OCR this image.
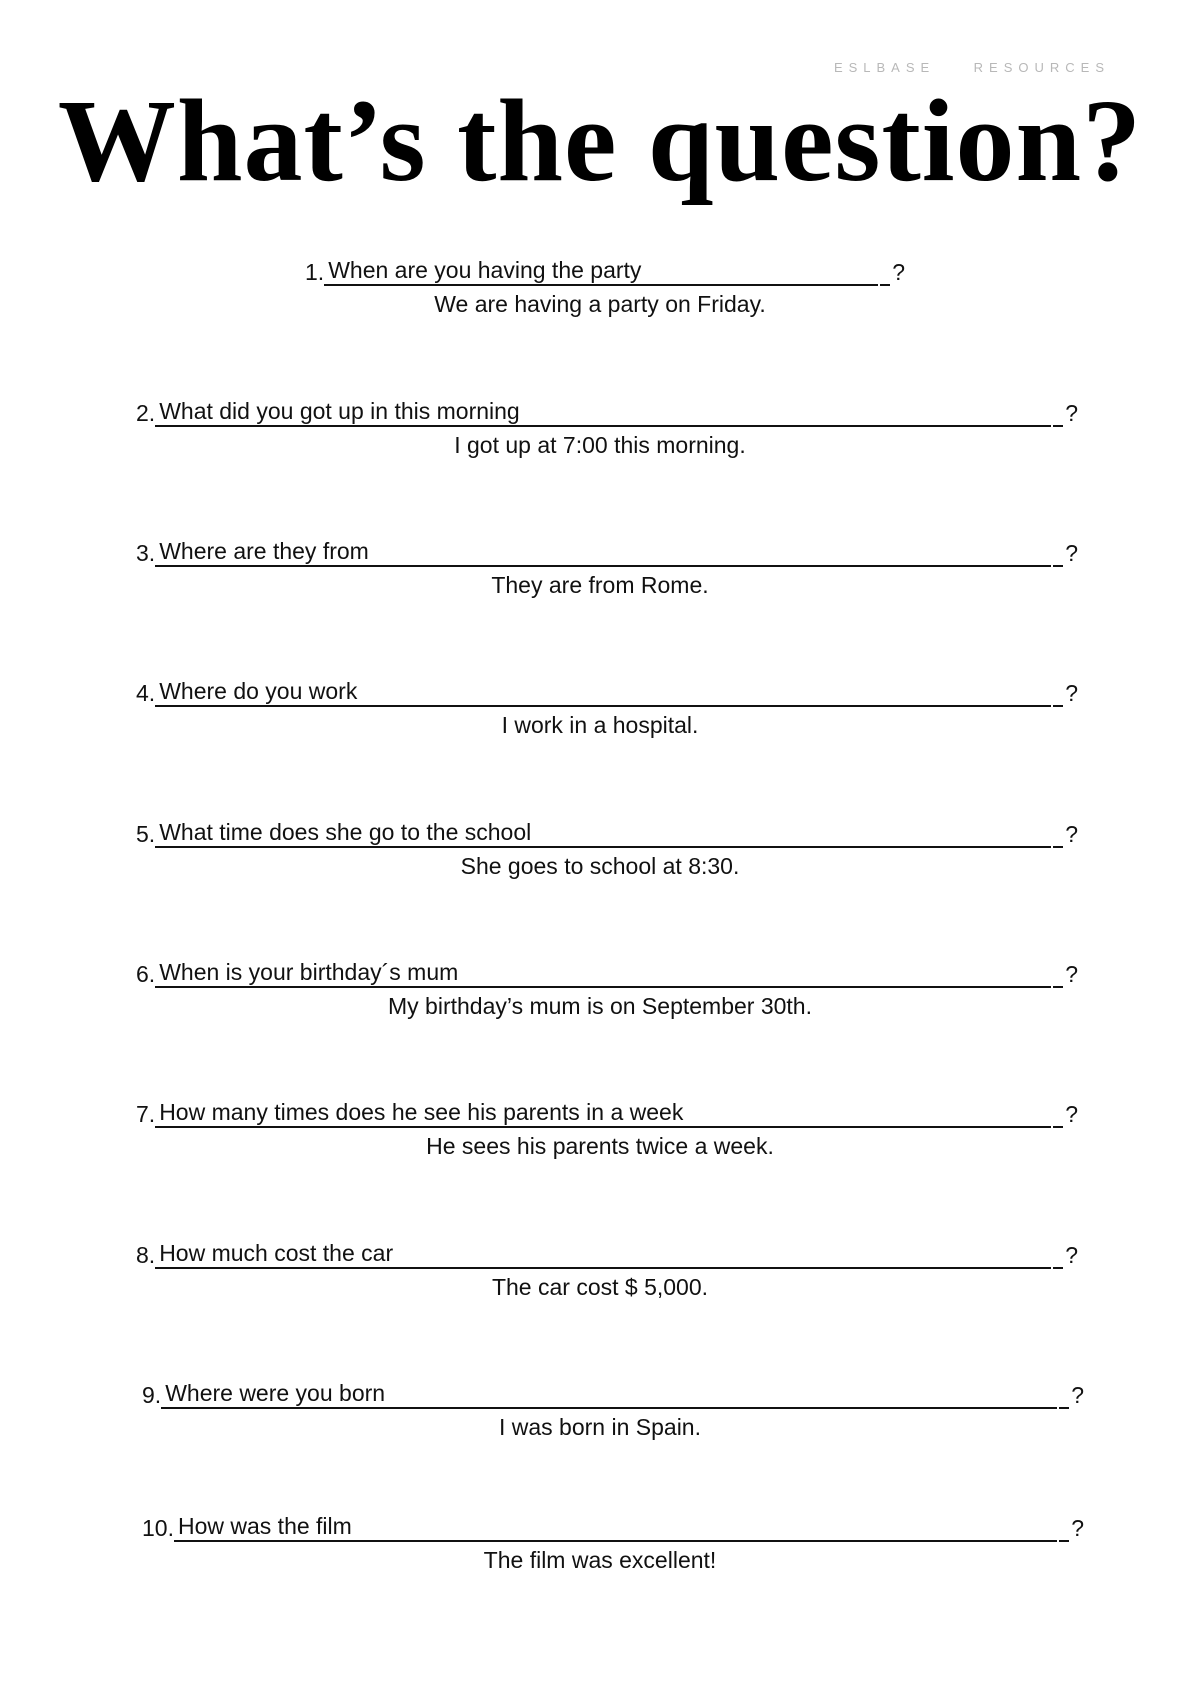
ESLBASE    RESOURCES
What’s the question?
1. When are you having the party	?
We are having a party on Friday.
2. What did you got up in this morning	?
I got up at 7:00 this morning.
3. Where are they from	?
They are from Rome.
4. Where do you work	?
I work in a hospital.
5. What time does she go to the school	?
She goes to school at 8:30.
6. When is your birthday´s mum	?
My birthday’s mum is on September 30th.
7. How many times does he see his parents in a week	?
He sees his parents twice a week.
8. How much cost the car	?
The car cost $ 5,000.
9. Where were you born	?
I was born in Spain.
10. How was the film	?
The film was excellent!
